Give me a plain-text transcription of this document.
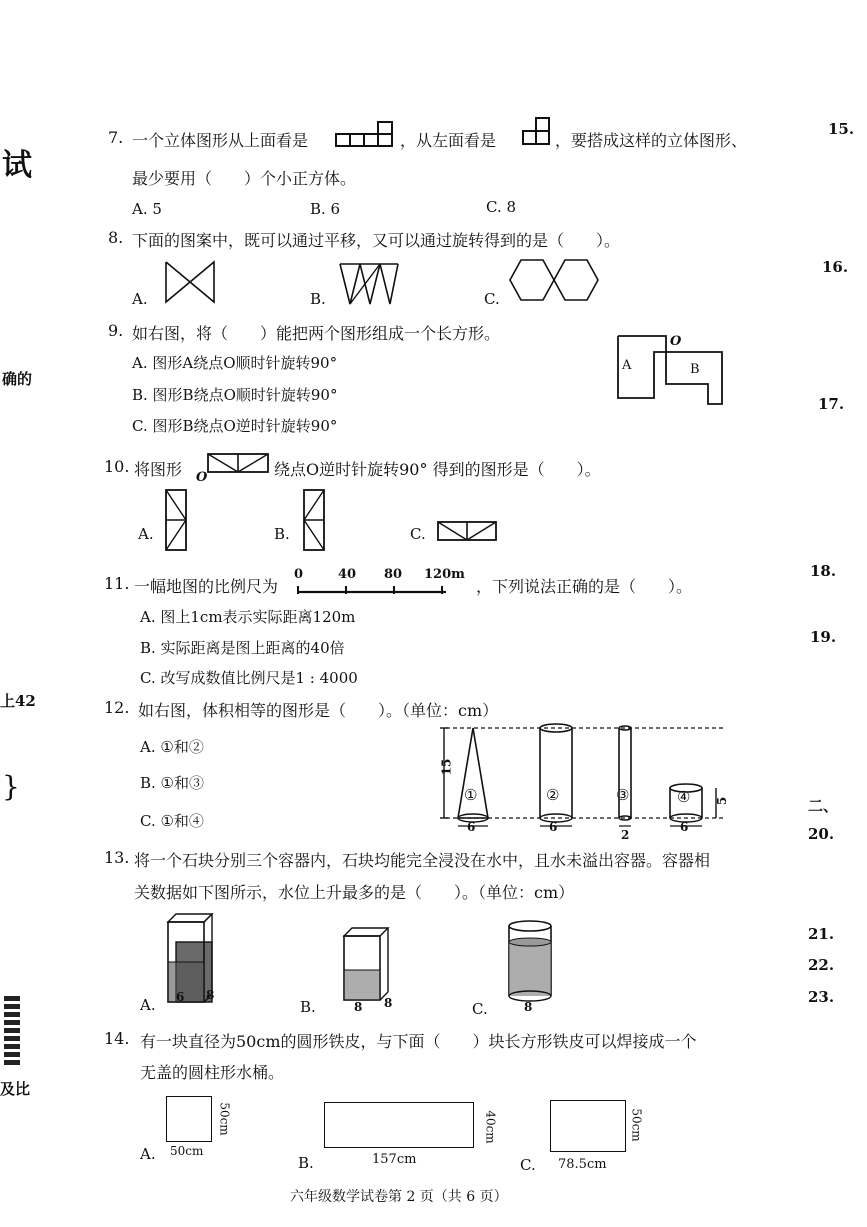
试
确的
上42
}
及比
15.
16.
17.
18.
19.
二、
20.
21.
22.
23.
7. 一个立体图形从上面看是	，从左面看是	，要搭成这样的立体图形、
最少要用（　　）个小正方体。
A. 5	B. 6	C. 8
8. 下面的图案中，既可以通过平移，又可以通过旋转得到的是（　　）。
A.	B.	C.
9. 如右图，将（　　）能把两个图形组成一个长方形。
A. 图形A绕点O顺时针旋转90°
B. 图形B绕点O顺时针旋转90°
C. 图形B绕点O逆时针旋转90°
A	B
O
10. 将图形 O	绕点O逆时针旋转90° 得到的图形是（　　）。
A.	B.	C.
11. 一幅地图的比例尺为
0	40 80 120m
，下列说法正确的是（　　）。
A. 图上1cm表示实际距离120m
B. 实际距离是图上距离的40倍
C. 改写成数值比例尺是1 : 4000
12. 如右图，体积相等的图形是（　　）。（单位：cm）
A. ①和②
B. ①和③
C. ①和④
15
5
①	②	③	④
6	6
2
6
13. 将一个石块分别三个容器内，石块均能完全浸没在水中，且水未溢出容器。容器相
关数据如下图所示，水位上升最多的是（　　）。（单位：cm）
A. 6 8
B.	8 8	C.	8
14. 有一块直径为50cm的圆形铁皮，与下面（　　）块长方形铁皮可以焊接成一个
无盖的圆柱形水桶。
A. 50cm
50cm
B.	157cm
40cm
C. 78.5cm
50cm
六年级数学试卷第 2 页（共 6 页）
